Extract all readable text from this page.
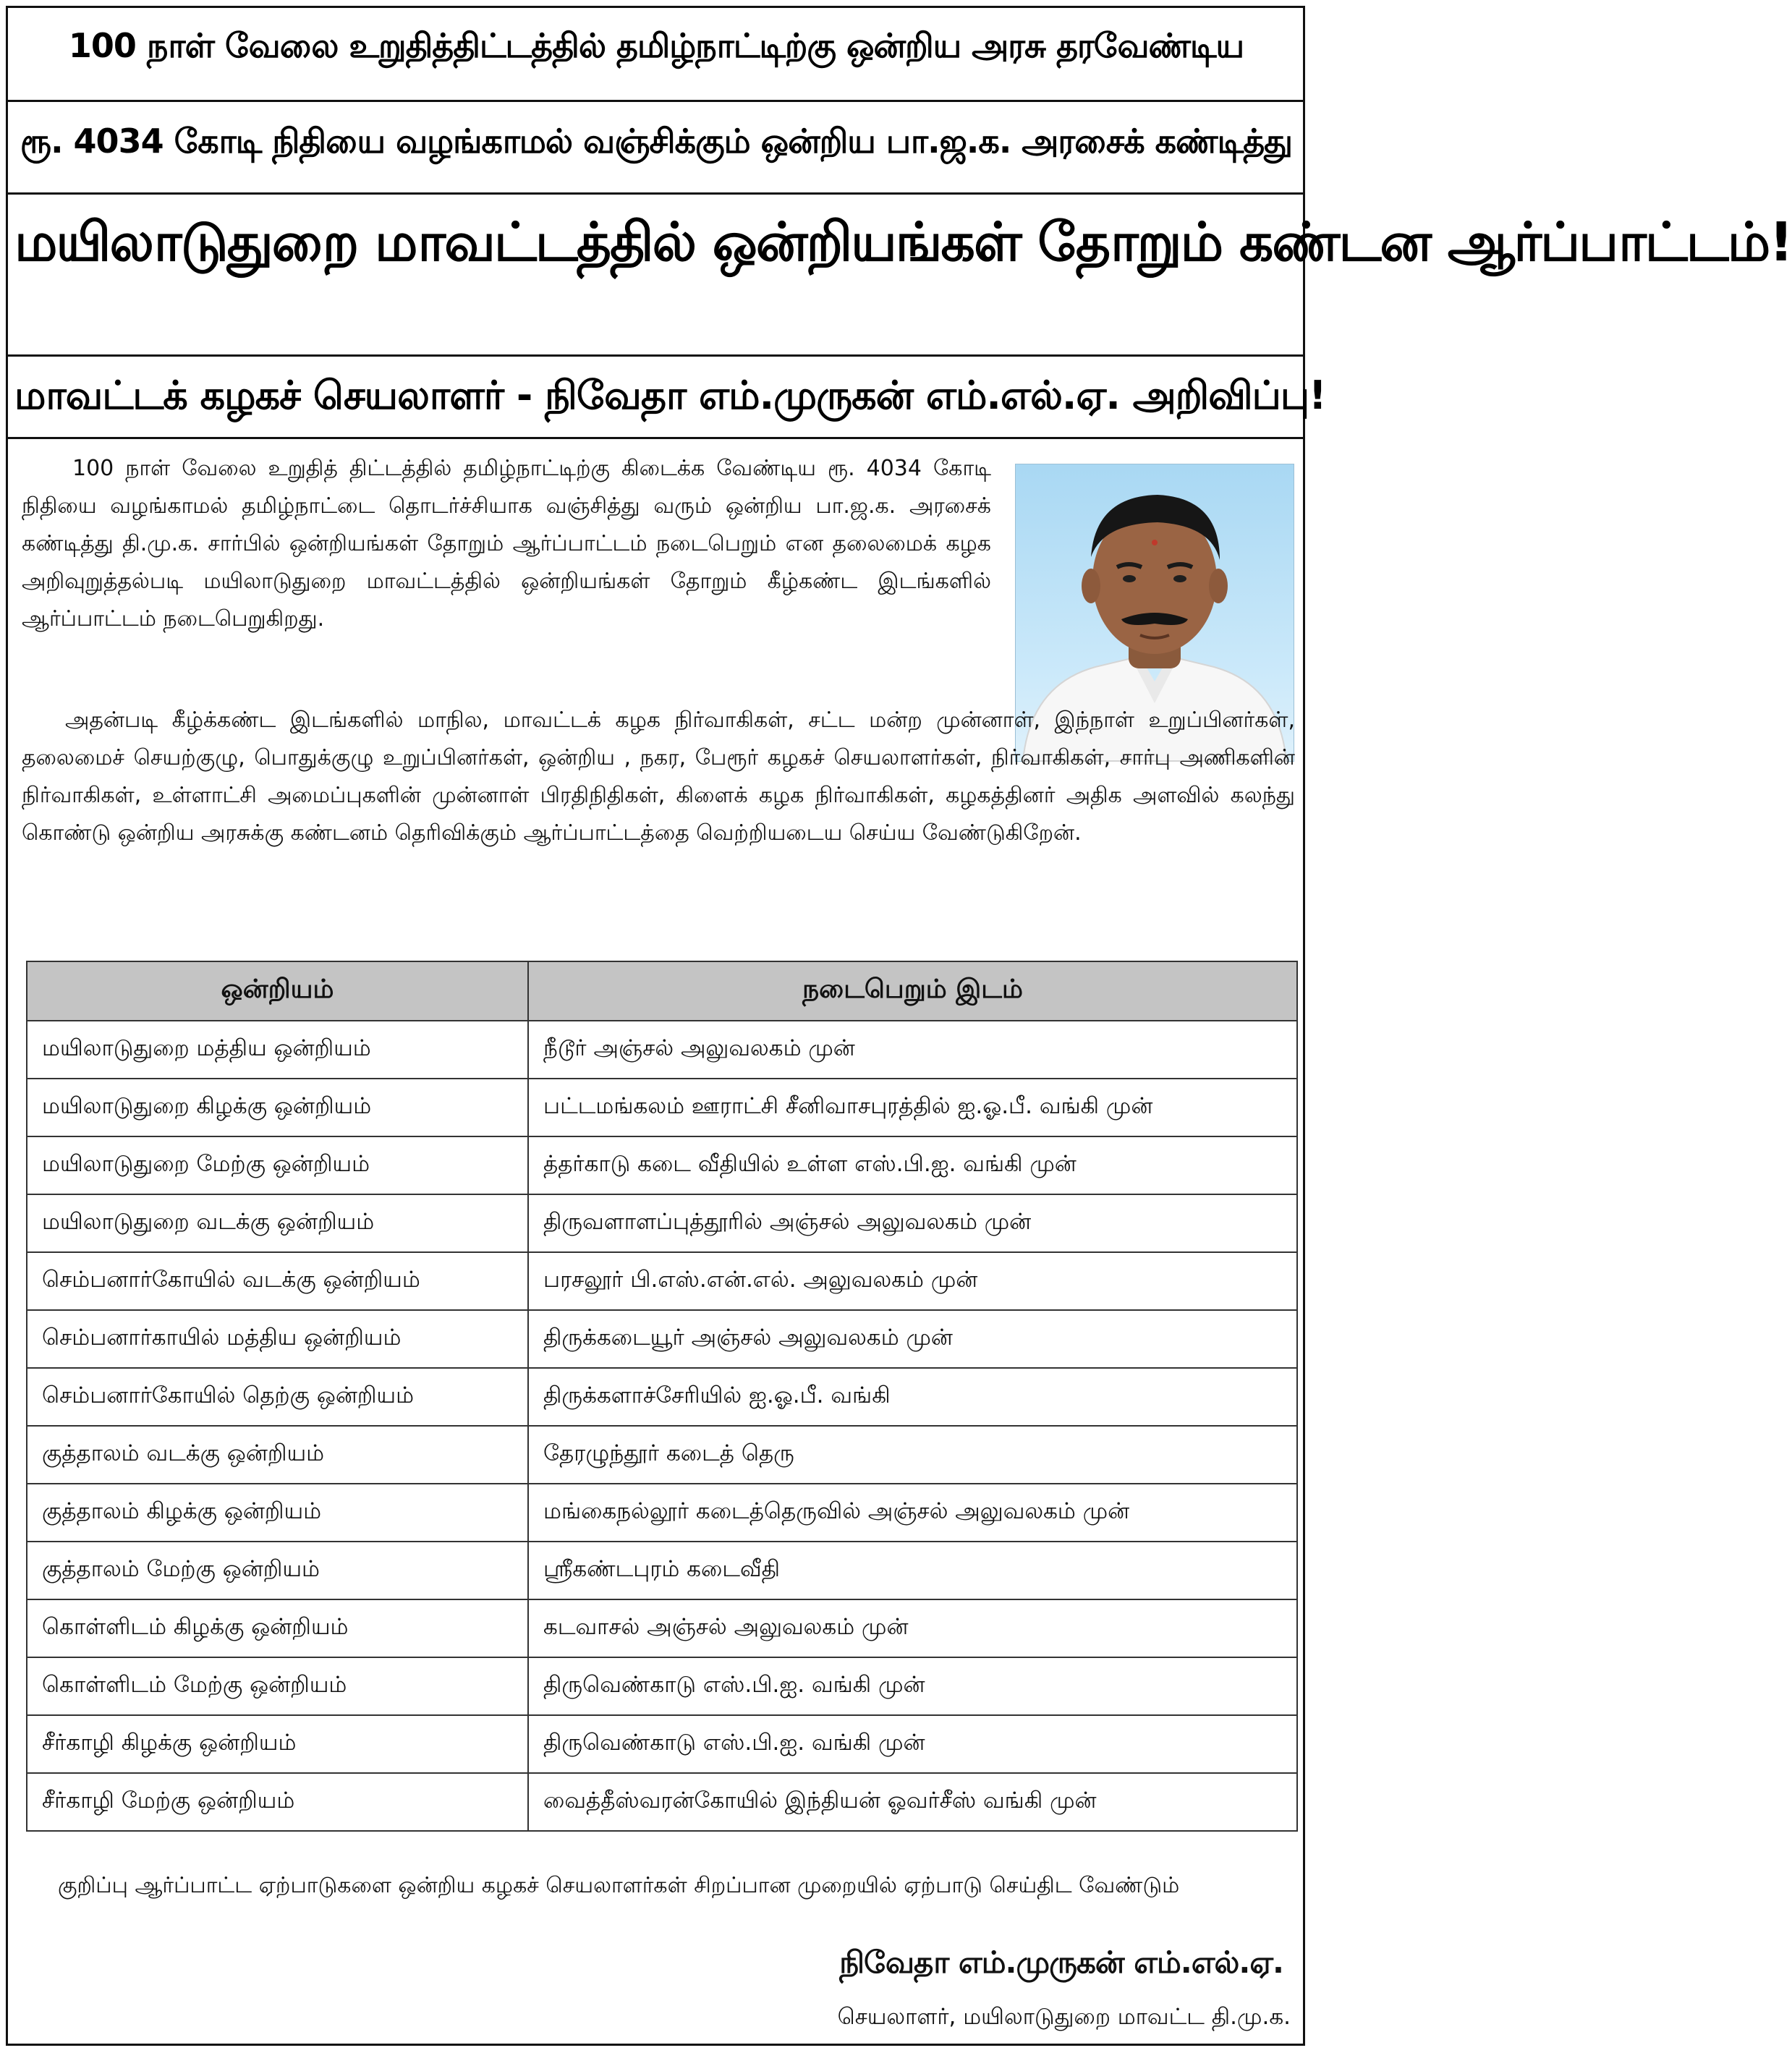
100 நாள் வேலை உறுதித்திட்டத்தில் தமிழ்நாட்டிற்கு ஒன்றிய அரசு தரவேண்டிய
ரூ. 4034 கோடி நிதியை வழங்காமல் வஞ்சிக்கும் ஒன்றிய பா.ஜ.க. அரசைக் கண்டித்து
மயிலாடுதுறை மாவட்டத்தில் ஒன்றியங்கள் தோறும் கண்டன ஆர்ப்பாட்டம்!
மாவட்டக் கழகச் செயலாளர் - நிவேதா எம்.முருகன் எம்.எல்.ஏ. அறிவிப்பு!

100 நாள் வேலை உறுதித் திட்டத்தில் தமிழ்நாட்டிற்கு கிடைக்க வேண்டிய ரூ. 4034 கோடி நிதியை வழங்காமல் தமிழ்நாட்டை தொடர்ச்சியாக வஞ்சித்து வரும் ஒன்றிய பா.ஜ.க. அரசைக் கண்டித்து தி.மு.க. சார்பில் ஒன்றியங்கள் தோறும் ஆர்ப்பாட்டம் நடைபெறும் என தலைமைக் கழக அறிவுறுத்தல்படி மயிலாடுதுறை மாவட்டத்தில் ஒன்றியங்கள் தோறும் கீழ்கண்ட இடங்களில் ஆர்ப்பாட்டம் நடைபெறுகிறது.

அதன்படி கீழ்க்கண்ட இடங்களில் மாநில, மாவட்டக் கழக நிர்வாகிகள், சட்ட மன்ற முன்னாள், இந்நாள் உறுப்பினர்கள், தலைமைச் செயற்குழு, பொதுக்குழு உறுப்பினர்கள், ஒன்றிய , நகர, பேரூர் கழகச் செயலாளர்கள், நிர்வாகிகள், சார்பு அணிகளின் நிர்வாகிகள், உள்ளாட்சி அமைப்புகளின் முன்னாள் பிரதிநிதிகள், கிளைக் கழக நிர்வாகிகள், கழகத்தினர் அதிக அளவில் கலந்து கொண்டு ஒன்றிய அரசுக்கு கண்டனம் தெரிவிக்கும் ஆர்ப்பாட்டத்தை வெற்றியடைய செய்ய வேண்டுகிறேன்.

ஒன்றியம்	நடைபெறும் இடம்
மயிலாடுதுறை மத்திய ஒன்றியம்	நீடூர் அஞ்சல் அலுவலகம் முன்
மயிலாடுதுறை கிழக்கு ஒன்றியம்	பட்டமங்கலம் ஊராட்சி சீனிவாசபுரத்தில் ஐ.ஓ.பீ. வங்கி முன்
மயிலாடுதுறை மேற்கு ஒன்றியம்	த்தர்காடு கடை வீதியில் உள்ள எஸ்.பி.ஐ. வங்கி முன்
மயிலாடுதுறை வடக்கு ஒன்றியம்	திருவளாளப்புத்தூரில் அஞ்சல் அலுவலகம் முன்
செம்பனார்கோயில் வடக்கு ஒன்றியம்	பரசலூர் பி.எஸ்.என்.எல். அலுவலகம் முன்
செம்பனார்காயில் மத்திய ஒன்றியம்	திருக்கடையூர் அஞ்சல் அலுவலகம் முன்
செம்பனார்கோயில் தெற்கு ஒன்றியம்	திருக்களாச்சேரியில் ஐ.ஓ.பீ. வங்கி
குத்தாலம் வடக்கு ஒன்றியம்	தேரழுந்தூர் கடைத் தெரு
குத்தாலம் கிழக்கு ஒன்றியம்	மங்கைநல்லூர் கடைத்தெருவில் அஞ்சல் அலுவலகம் முன்
குத்தாலம் மேற்கு ஒன்றியம்	ஸ்ரீகண்டபுரம் கடைவீதி
கொள்ளிடம் கிழக்கு ஒன்றியம்	கடவாசல் அஞ்சல் அலுவலகம் முன்
கொள்ளிடம் மேற்கு ஒன்றியம்	திருவெண்காடு எஸ்.பி.ஐ. வங்கி முன்
சீர்காழி கிழக்கு ஒன்றியம்	திருவெண்காடு எஸ்.பி.ஐ. வங்கி முன்
சீர்காழி மேற்கு ஒன்றியம்	வைத்தீஸ்வரன்கோயில் இந்தியன் ஓவர்சீஸ் வங்கி முன்

குறிப்பு ஆர்ப்பாட்ட ஏற்பாடுகளை ஒன்றிய கழகச் செயலாளர்கள் சிறப்பான முறையில் ஏற்பாடு செய்திட வேண்டும்

நிவேதா எம்.முருகன் எம்.எல்.ஏ.
செயலாளர், மயிலாடுதுறை மாவட்ட தி.மு.க.
